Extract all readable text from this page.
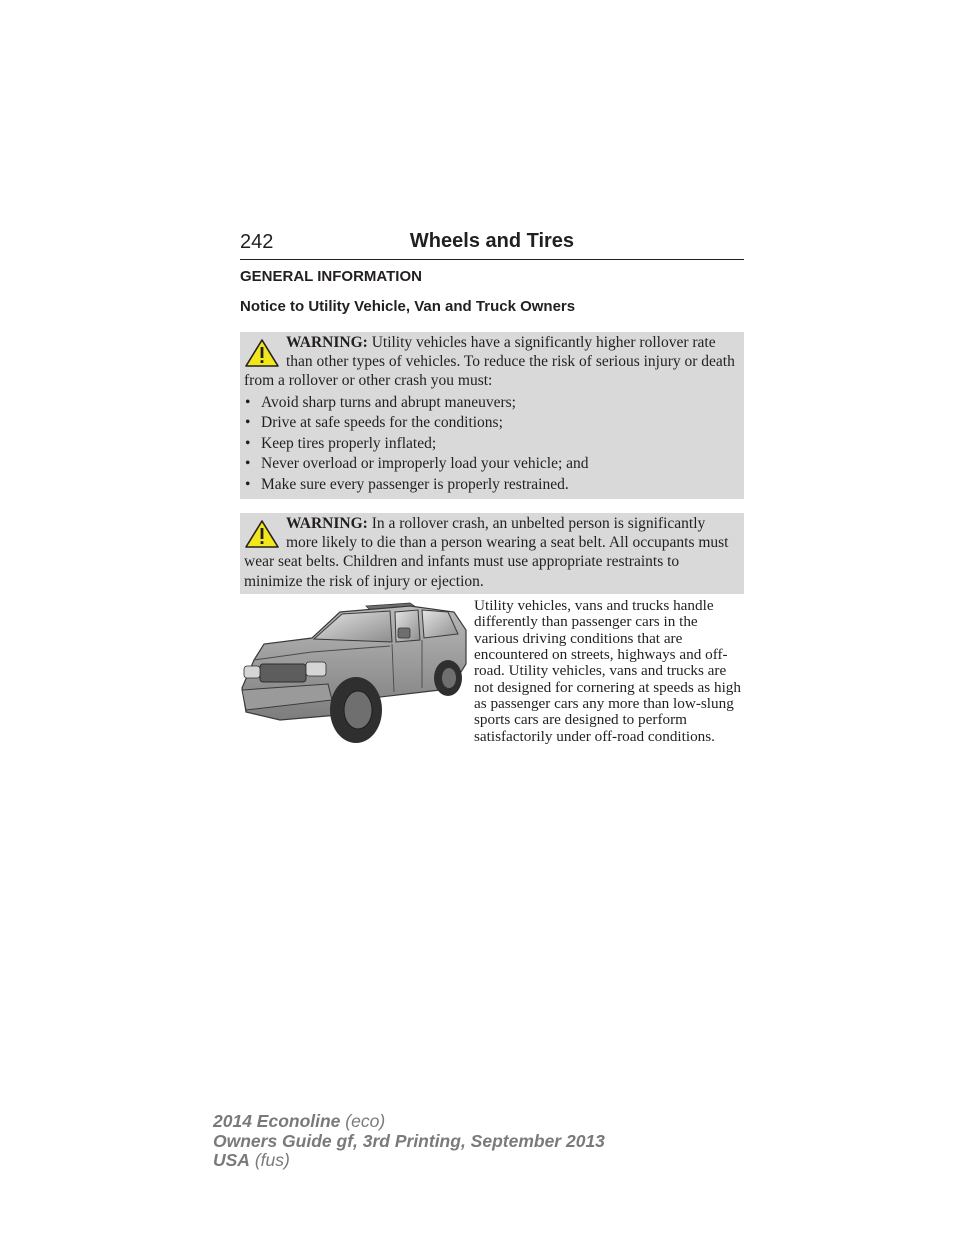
242	Wheels and Tires
GENERAL INFORMATION
Notice to Utility Vehicle, Van and Truck Owners
WARNING: Utility vehicles have a significantly higher rollover rate than other types of vehicles. To reduce the risk of serious injury or death from a rollover or other crash you must:
• Avoid sharp turns and abrupt maneuvers;
• Drive at safe speeds for the conditions;
• Keep tires properly inflated;
• Never overload or improperly load your vehicle; and
• Make sure every passenger is properly restrained.
WARNING: In a rollover crash, an unbelted person is significantly more likely to die than a person wearing a seat belt. All occupants must wear seat belts. Children and infants must use appropriate restraints to minimize the risk of injury or ejection.
Utility vehicles, vans and trucks handle differently than passenger cars in the various driving conditions that are encountered on streets, highways and off-road. Utility vehicles, vans and trucks are not designed for cornering at speeds as high as passenger cars any more than low-slung sports cars are designed to perform satisfactorily under off-road conditions.
2014 Econoline (eco)
Owners Guide gf, 3rd Printing, September 2013
USA (fus)
